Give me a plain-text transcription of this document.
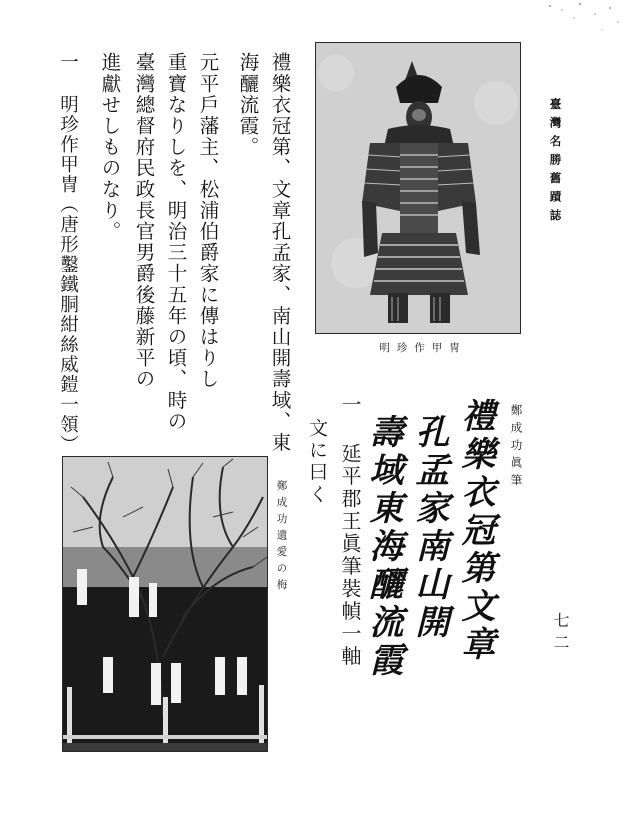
臺灣名勝舊蹟誌
七二
明珍作甲冑
禮樂衣冠第、文章孔孟家、南山開壽域、東
海釃流霞。
元平戶藩主、松浦伯爵家に傳はりし
重寶なりしを、明治三十五年の頃、時の
臺灣總督府民政長官男爵後藤新平の
進獻せしものなり。
一 明珍作甲冑（唐形鑿鐵胴紺絲威鎧一領）
一 延平郡王眞筆裝幀一軸
文に曰く
鄭成功遺愛の梅
鄭成功眞筆
禮樂衣冠第文章
孔孟家南山開
壽域東海釃流霞
